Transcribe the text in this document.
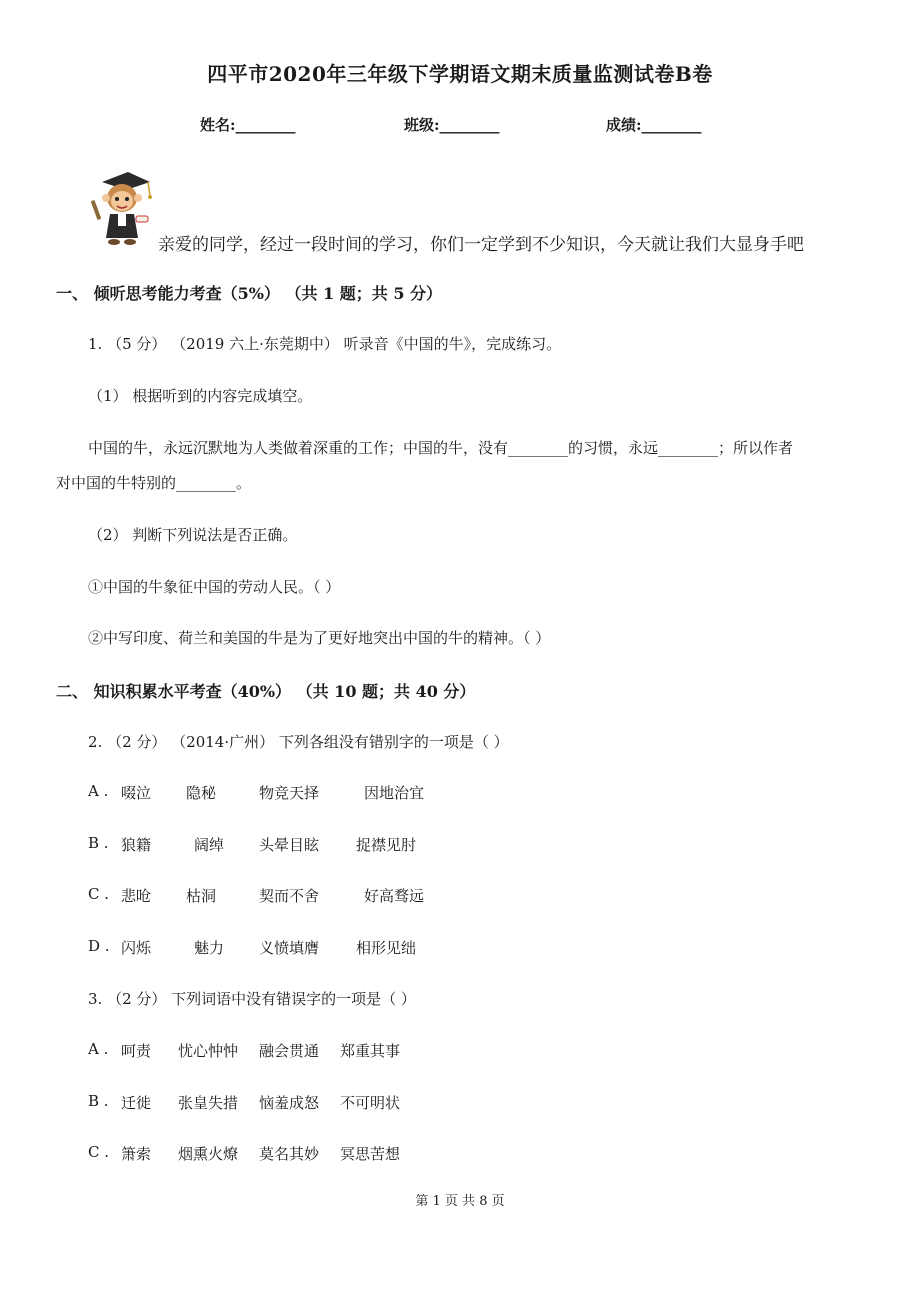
四平市2020年三年级下学期语文期末质量监测试卷B卷
姓名:________	班级:________	成绩:________
亲爱的同学，经过一段时间的学习，你们一定学到不少知识，今天就让我们大显身手吧
一、 倾听思考能力考查（5%） （共 1 题；共 5 分）
1. （5 分） （2019 六上·东莞期中） 听录音《中国的牛》，完成练习。
（1） 根据听到的内容完成填空。
中国的牛，永远沉默地为人类做着深重的工作；中国的牛，没有________的习惯，永远________；所以作者
对中国的牛特别的________。
（2） 判断下列说法是否正确。
①中国的牛象征中国的劳动人民。（ ）
②中写印度、荷兰和美国的牛是为了更好地突出中国的牛的精神。（ ）
二、 知识积累水平考查（40%） （共 10 题；共 40 分）
2. （2 分） （2014·广州） 下列各组没有错别字的一项是（ ）
A . 啜泣 隐秘	物竞天择	因地治宜
B . 狼籍	阔绰 头晕目眩 捉襟见肘
C . 悲呛 枯洞	契而不舍	好高骛远
D . 闪烁	魅力 义愤填膺 相形见绌
3. （2 分） 下列词语中没有错误字的一项是（ ）
A . 呵责 忧心忡忡 融会贯通 郑重其事
B . 迁徙 张皇失措 恼羞成怒 不可明状
C . 箫索 烟熏火燎 莫名其妙 冥思苦想
第 1 页 共 8 页
